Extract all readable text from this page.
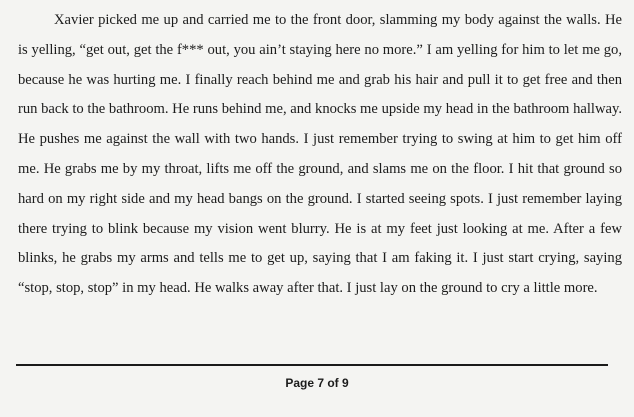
Xavier picked me up and carried me to the front door, slamming my body against the walls. He
is yelling, “get out, get the f*** out, you ain’t staying here no more.” I am yelling for him to let me go,
because he was hurting me. I finally reach behind me and grab his hair and pull it to get free and then
run back to the bathroom. He runs behind me, and knocks me upside my head in the bathroom hallway.
He pushes me against the wall with two hands. I just remember trying to swing at him to get him off
me. He grabs me by my throat, lifts me off the ground, and slams me on the floor. I hit that ground so
hard on my right side and my head bangs on the ground. I started seeing spots. I just remember laying
there trying to blink because my vision went blurry. He is at my feet just looking at me. After a few
blinks, he grabs my arms and tells me to get up, saying that I am faking it. I just start crying, saying
“stop, stop, stop” in my head. He walks away after that. I just lay on the ground to cry a little more.
Page 7 of 9
